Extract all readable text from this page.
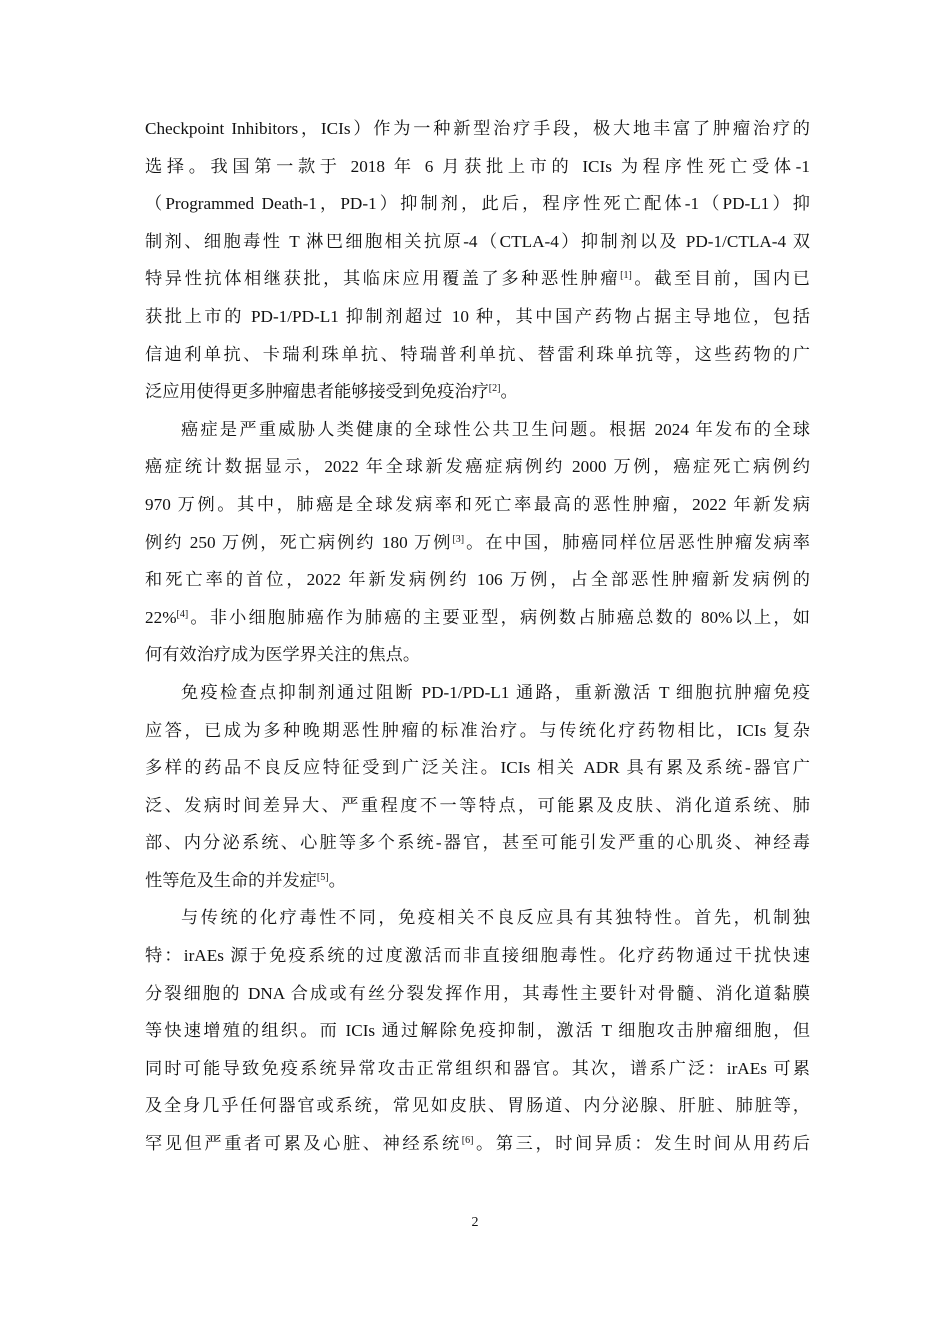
Checkpoint Inhibitors，ICIs）作为一种新型治疗手段，极大地丰富了肿瘤治疗的
选择。我国第一款于 2018 年 6 月获批上市的 ICIs 为程序性死亡受体-1
（Programmed Death-1，PD-1）抑制剂，此后，程序性死亡配体-1（PD-L1）抑
制剂、细胞毒性 T 淋巴细胞相关抗原-4（CTLA-4）抑制剂以及 PD-1/CTLA-4 双
特异性抗体相继获批，其临床应用覆盖了多种恶性肿瘤[1]。截至目前，国内已
获批上市的 PD-1/PD-L1 抑制剂超过 10 种，其中国产药物占据主导地位，包括
信迪利单抗、卡瑞利珠单抗、特瑞普利单抗、替雷利珠单抗等，这些药物的广
泛应用使得更多肿瘤患者能够接受到免疫治疗[2]。
癌症是严重威胁人类健康的全球性公共卫生问题。根据 2024 年发布的全球
癌症统计数据显示，2022 年全球新发癌症病例约 2000 万例，癌症死亡病例约
970 万例。其中，肺癌是全球发病率和死亡率最高的恶性肿瘤，2022 年新发病
例约 250 万例，死亡病例约 180 万例[3]。在中国，肺癌同样位居恶性肿瘤发病率
和死亡率的首位，2022 年新发病例约 106 万例，占全部恶性肿瘤新发病例的
22%[4]。非小细胞肺癌作为肺癌的主要亚型，病例数占肺癌总数的 80%以上，如
何有效治疗成为医学界关注的焦点。
免疫检查点抑制剂通过阻断 PD-1/PD-L1 通路，重新激活 T 细胞抗肿瘤免疫
应答，已成为多种晚期恶性肿瘤的标准治疗。与传统化疗药物相比，ICIs 复杂
多样的药品不良反应特征受到广泛关注。ICIs 相关 ADR 具有累及系统-器官广
泛、发病时间差异大、严重程度不一等特点，可能累及皮肤、消化道系统、肺
部、内分泌系统、心脏等多个系统-器官，甚至可能引发严重的心肌炎、神经毒
性等危及生命的并发症[5]。
与传统的化疗毒性不同，免疫相关不良反应具有其独特性。首先，机制独
特：irAEs 源于免疫系统的过度激活而非直接细胞毒性。化疗药物通过干扰快速
分裂细胞的 DNA 合成或有丝分裂发挥作用，其毒性主要针对骨髓、消化道黏膜
等快速增殖的组织。而 ICIs 通过解除免疫抑制，激活 T 细胞攻击肿瘤细胞，但
同时可能导致免疫系统异常攻击正常组织和器官。其次，谱系广泛：irAEs 可累
及全身几乎任何器官或系统，常见如皮肤、胃肠道、内分泌腺、肝脏、肺脏等，
罕见但严重者可累及心脏、神经系统[6]。第三，时间异质：发生时间从用药后
2
